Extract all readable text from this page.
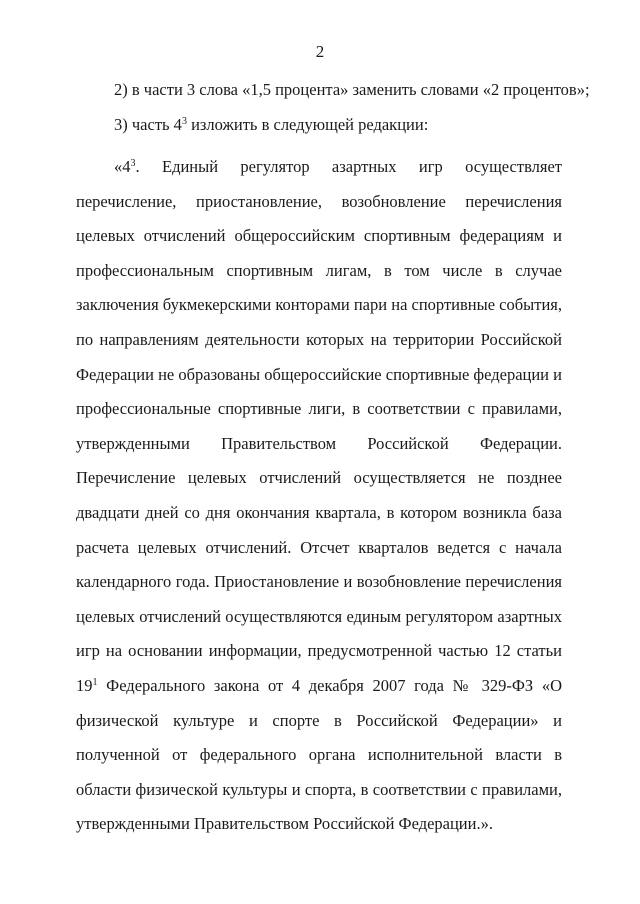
2
2) в части 3 слова «1,5 процента» заменить словами «2 процентов»;
3) часть $4^3$ изложить в следующей редакции:

«$4^3$. Единый регулятор азартных игр осуществляет перечисление, приостановление, возобновление перечисления целевых отчислений общероссийским спортивным федерациям и профессиональным спортивным лигам, в том числе в случае заключения букмекерскими конторами пари на спортивные события, по направлениям деятельности которых на территории Российской Федерации не образованы общероссийские спортивные федерации и профессиональные спортивные лиги, в соответствии с правилами, утвержденными Правительством Российской Федерации. Перечисление целевых отчислений осуществляется не позднее двадцати дней со дня окончания квартала, в котором возникла база расчета целевых отчислений. Отсчет кварталов ведется с начала календарного года. Приостановление и возобновление перечисления целевых отчислений осуществляются единым регулятором азартных игр на основании информации, предусмотренной частью 12 статьи $19^1$ Федерального закона от 4 декабря 2007 года № 329-ФЗ «О физической культуре и спорте в Российской Федерации» и полученной от федерального органа исполнительной власти в области физической культуры и спорта, в соответствии с правилами, утвержденными Правительством Российской Федерации.».
